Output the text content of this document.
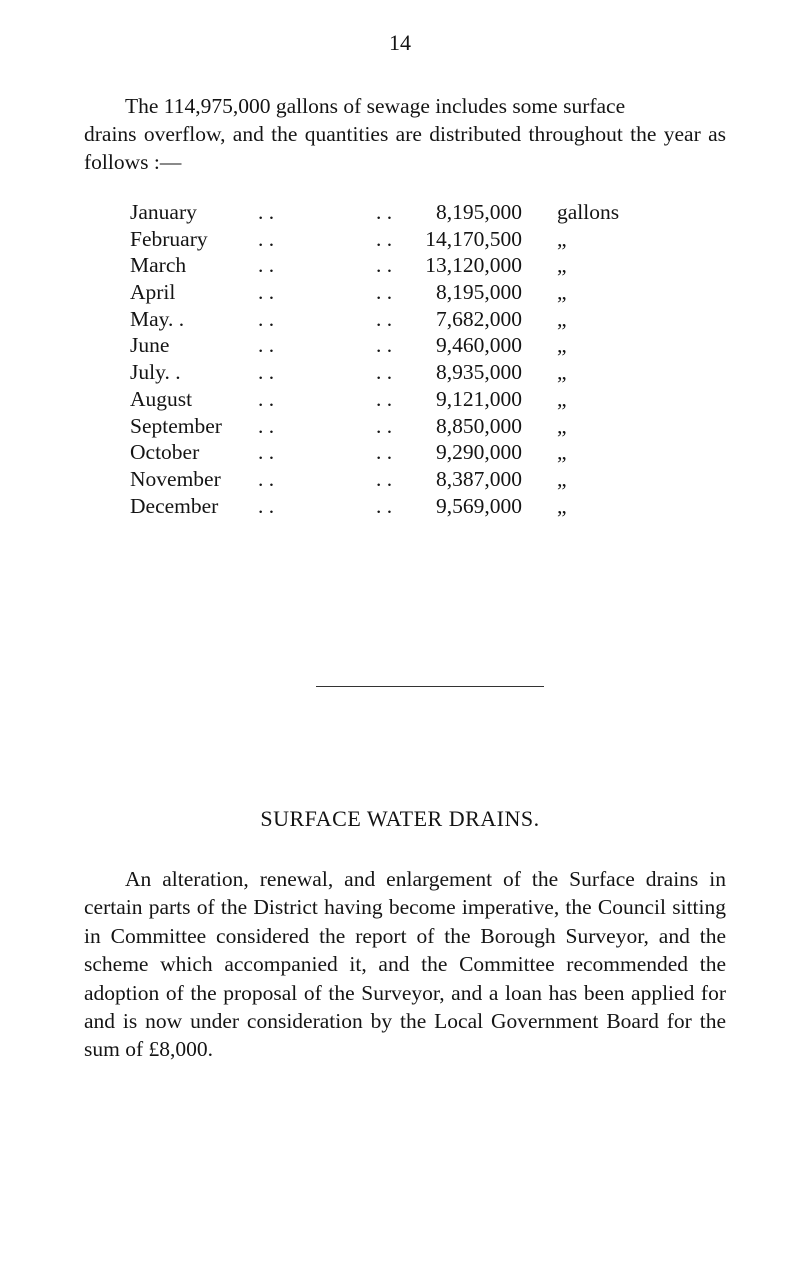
14
The 114,975,000 gallons of sewage includes some surface
drains overflow, and the quantities are distributed throughout the year as follows :—
January	. .	. .	8,195,000 gallons
February . .	. .	14,170,500 „
March	. .	. .	13,120,000 „
April	. .	. .	8,195,000 „
May. .	. .	. .	7,682,000 „
June	. .	. .	9,460,000 „
July. .	. .	. .	8,935,000 „
August	. .	. .	9,121,000 „
September . .	. .	8,850,000 „
October	. .	. .	9,290,000 „
November . .	. .	8,387,000 „
December . .	. .	9,569,000 „
SURFACE WATER DRAINS.

An alteration, renewal, and enlargement of the Surface drains in certain parts of the District having become imperative, the Council sitting in Committee considered the report of the Borough Surveyor, and the scheme which accompanied it, and the Committee recommended the adoption of the proposal of the Surveyor, and a loan has been applied for and is now under consideration by the Local Government Board for the sum of £8,000.
